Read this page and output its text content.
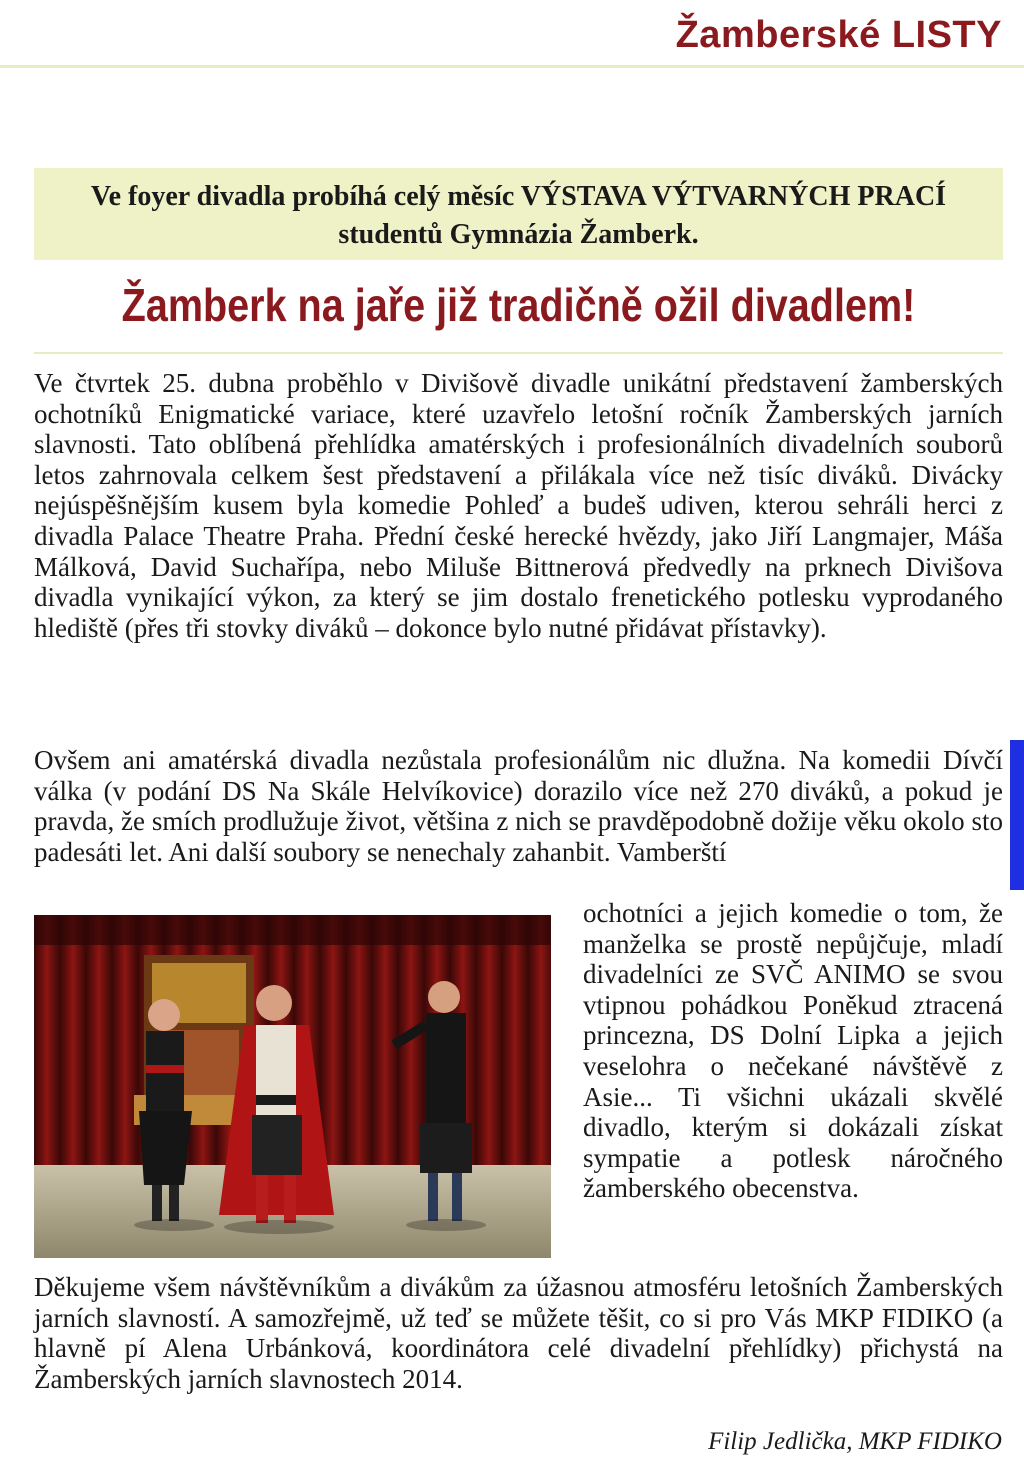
Žamberské LISTY
Ve foyer divadla probíhá celý měsíc VÝSTAVA VÝTVARNÝCH PRACÍ
studentů Gymnázia Žamberk.
Žamberk na jaře již tradičně ožil divadlem!

Ve čtvrtek 25. dubna proběhlo v Divišově divadle unikátní představení žamberských ochotníků Enigmatické variace, které uzavřelo letošní ročník Žamberských jarních slavnosti. Tato oblíbená přehlídka amatérských i profesionálních divadelních souborů letos zahrnovala celkem šest představení a přilákala více než tisíc diváků. Divácky nejúspěšnějším kusem byla komedie Pohleď a budeš udiven, kterou sehráli herci z divadla Palace Theatre Praha. Přední české herecké hvězdy, jako Jiří Langmajer, Máša Málková, David Suchařípa, nebo Miluše Bittnerová předvedly na prknech Divišova divadla vynikající výkon, za který se jim dostalo frenetického potlesku vyprodaného hlediště (přes tři stovky diváků – dokonce bylo nutné přidávat přístavky).

Ovšem ani amatérská divadla nezůstala profesionálům nic dlužna. Na komedii Dívčí válka (v podání DS Na Skále Helvíkovice) dorazilo více než 270 diváků, a pokud je pravda, že smích prodlužuje život, většina z nich se pravděpodobně dožije věku okolo sto padesáti let. Ani další soubory se nenechaly zahanbit. Vamberští

ochotníci a jejich komedie o tom, že manželka se prostě nepůjčuje, mladí divadelníci ze SVČ ANIMO se svou vtipnou pohádkou Poněkud ztracená princezna, DS Dolní Lipka a jejich veselohra o nečekané návštěvě z Asie... Ti všichni ukázali skvělé divadlo, kterým si dokázali získat sympatie a potlesk náročného žamberského obecenstva.

Děkujeme všem návštěvníkům a divákům za úžasnou atmosféru letošních Žamberských jarních slavností. A samozřejmě, už teď se můžete těšit, co si pro Vás MKP FIDIKO (a hlavně pí Alena Urbánková, koordinátora celé divadelní přehlídky) přichystá na Žamberských jarních slavnostech 2014.

Filip Jedlička, MKP FIDIKO
